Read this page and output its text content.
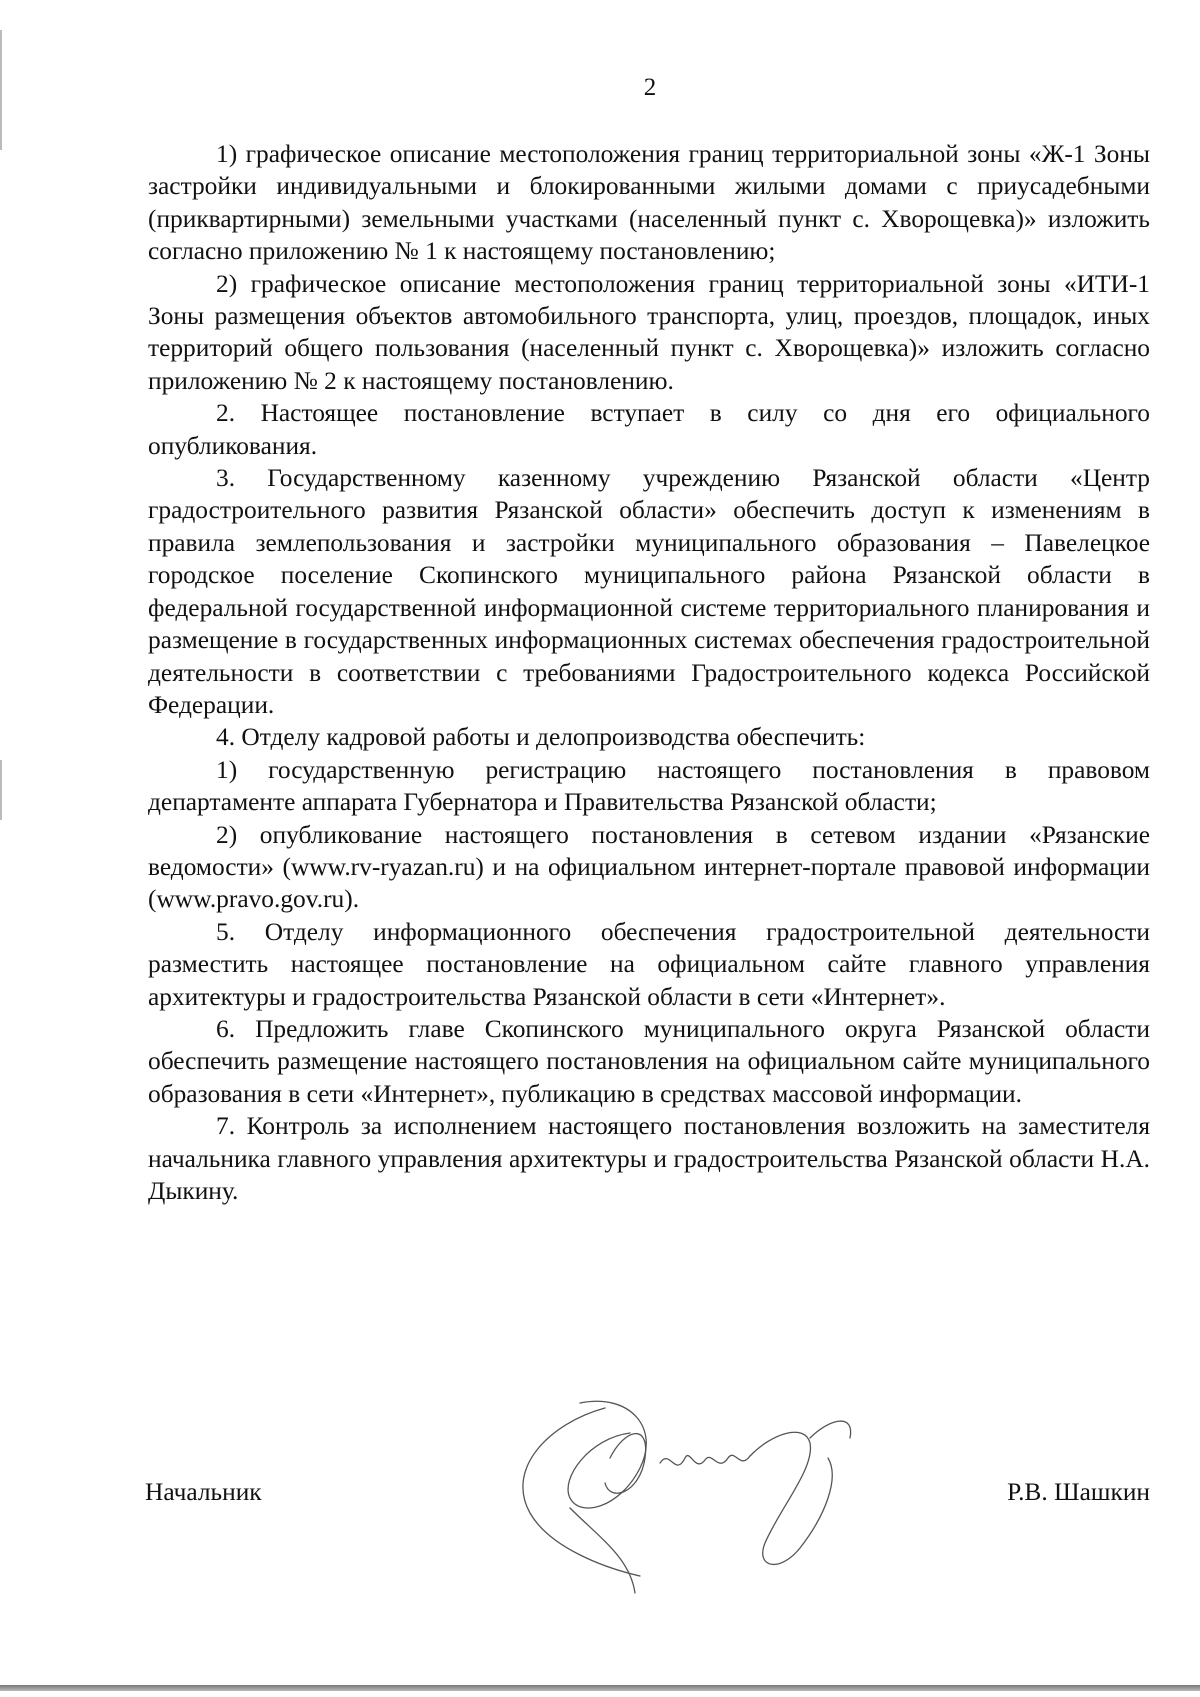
2

1) графическое описание местоположения границ территориальной зоны «Ж-1 Зоны застройки индивидуальными и блокированными жилыми домами с приусадебными (приквартирными) земельными участками (населенный пункт с. Хворощевка)» изложить согласно приложению № 1 к настоящему постановлению;

2) графическое описание местоположения границ территориальной зоны «ИТИ-1 Зоны размещения объектов автомобильного транспорта, улиц, проездов, площадок, иных территорий общего пользования (населенный пункт с. Хворощевка)» изложить согласно приложению № 2 к настоящему постановлению.

2. Настоящее постановление вступает в силу со дня его официального опубликования.

3. Государственному казенному учреждению Рязанской области «Центр градостроительного развития Рязанской области» обеспечить доступ к изменениям в правила землепользования и застройки муниципального образования – Павелецкое городское поселение Скопинского муниципального района Рязанской области в федеральной государственной информационной системе территориального планирования и размещение в государственных информационных системах обеспечения градостроительной деятельности в соответствии с требованиями Градостроительного кодекса Российской Федерации.

4. Отделу кадровой работы и делопроизводства обеспечить:

1) государственную регистрацию настоящего постановления в правовом департаменте аппарата Губернатора и Правительства Рязанской области;

2) опубликование настоящего постановления в сетевом издании «Рязанские ведомости» (www.rv-ryazan.ru) и на официальном интернет-портале правовой информации (www.pravo.gov.ru).

5. Отделу информационного обеспечения градостроительной деятельности разместить настоящее постановление на официальном сайте главного управления архитектуры и градостроительства Рязанской области в сети «Интернет».

6. Предложить главе Скопинского муниципального округа Рязанской области обеспечить размещение настоящего постановления на официальном сайте муниципального образования в сети «Интернет», публикацию в средствах массовой информации.

7. Контроль за исполнением настоящего постановления возложить на заместителя начальника главного управления архитектуры и градостроительства Рязанской области Н.А. Дыкину.

Начальник	Р.В. Шашкин
